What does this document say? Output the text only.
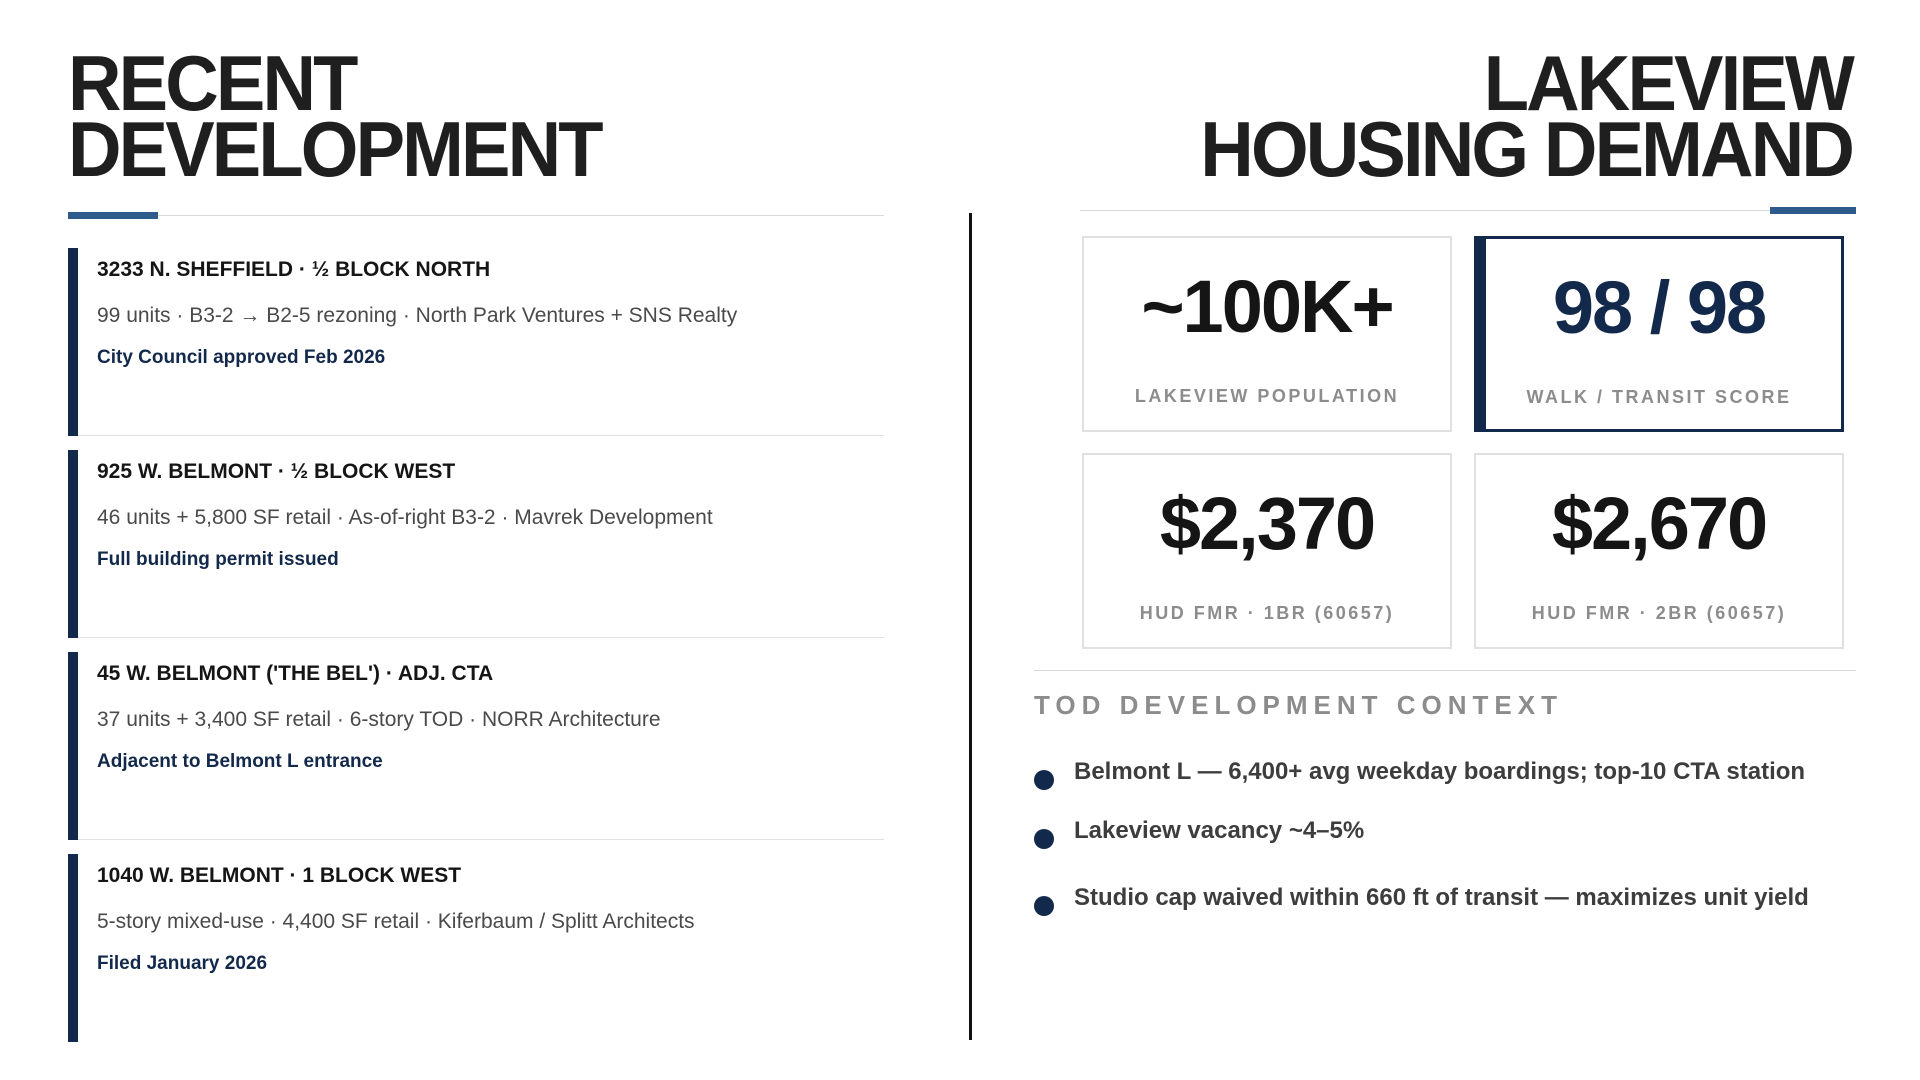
RECENT
DEVELOPMENT
3233 N. SHEFFIELD · ½ BLOCK NORTH
99 units · B3-2 → B2-5 rezoning · North Park Ventures + SNS Realty
City Council approved Feb 2026
925 W. BELMONT · ½ BLOCK WEST
46 units + 5,800 SF retail · As-of-right B3-2 · Mavrek Development
Full building permit issued
45 W. BELMONT ('THE BEL') · ADJ. CTA
37 units + 3,400 SF retail · 6-story TOD · NORR Architecture
Adjacent to Belmont L entrance
1040 W. BELMONT · 1 BLOCK WEST
5-story mixed-use · 4,400 SF retail · Kiferbaum / Splitt Architects
Filed January 2026
LAKEVIEW
HOUSING DEMAND
~100K+
LAKEVIEW POPULATION
98 / 98
WALK / TRANSIT SCORE
$2,370
HUD FMR · 1BR (60657)
$2,670
HUD FMR · 2BR (60657)
TOD DEVELOPMENT CONTEXT
Belmont L — 6,400+ avg weekday boardings; top-10 CTA station
Lakeview vacancy ~4–5%
Studio cap waived within 660 ft of transit — maximizes unit yield
